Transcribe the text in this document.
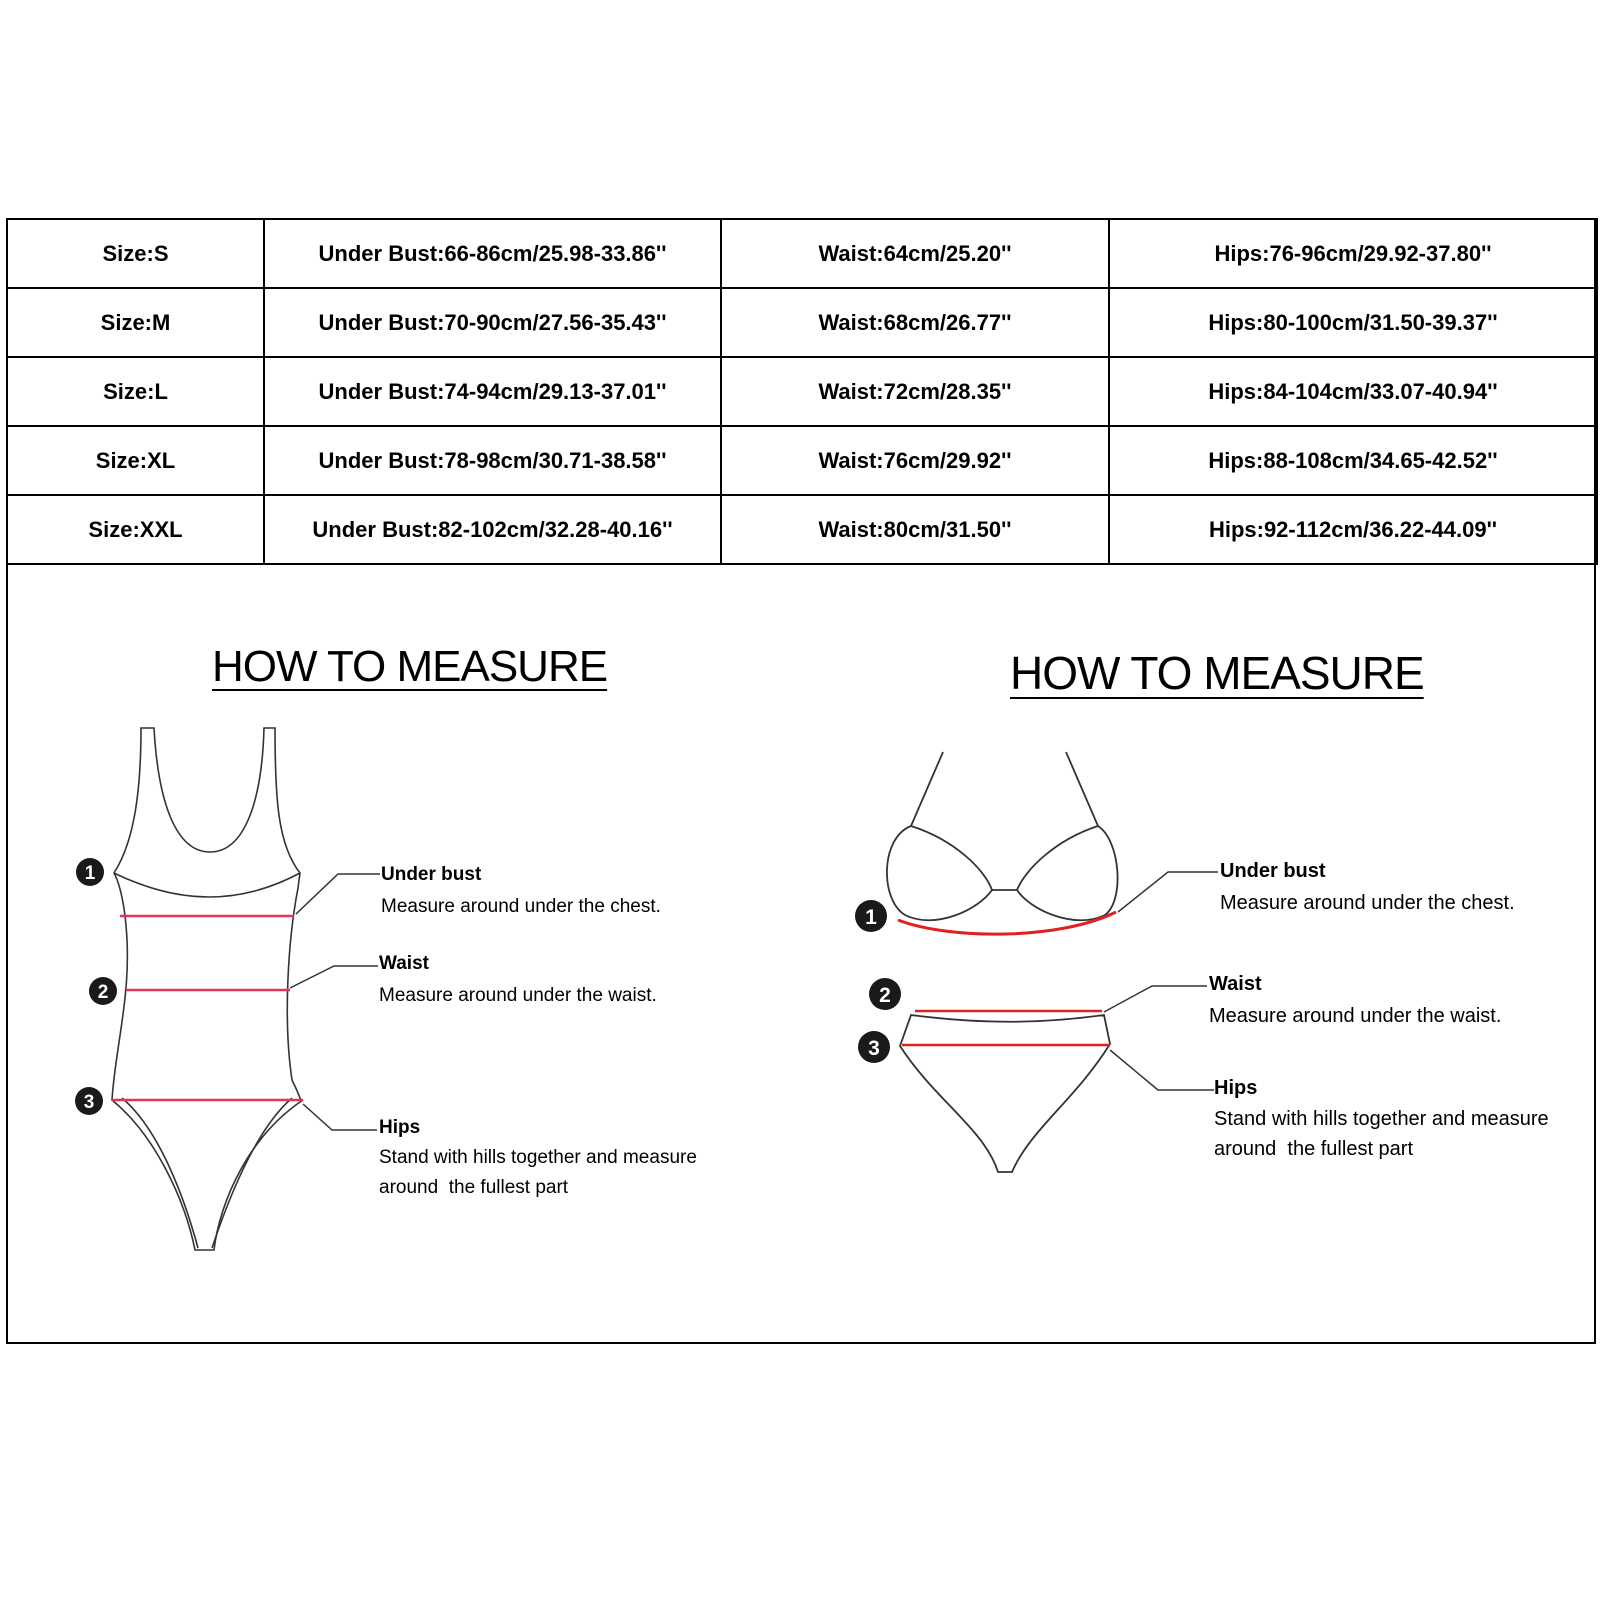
Size:S	Under Bust:66-86cm/25.98-33.86''	Waist:64cm/25.20''	Hips:76-96cm/29.92-37.80''
Size:M	Under Bust:70-90cm/27.56-35.43''	Waist:68cm/26.77''	Hips:80-100cm/31.50-39.37''
Size:L	Under Bust:74-94cm/29.13-37.01''	Waist:72cm/28.35''	Hips:84-104cm/33.07-40.94''
Size:XL	Under Bust:78-98cm/30.71-38.58''	Waist:76cm/29.92''	Hips:88-108cm/34.65-42.52''
Size:XXL	Under Bust:82-102cm/32.28-40.16''	Waist:80cm/31.50''	Hips:92-112cm/36.22-44.09''
1
2
3
1
2
3
HOW TO MEASURE
Under bust
Measure around under the chest.
Waist
Measure around under the waist.
Hips
Stand with hills together and measure
around  the fullest part
HOW TO MEASURE
Under bust
Measure around under the chest.
Waist
Measure around under the waist.
Hips
Stand with hills together and measure
around  the fullest part
